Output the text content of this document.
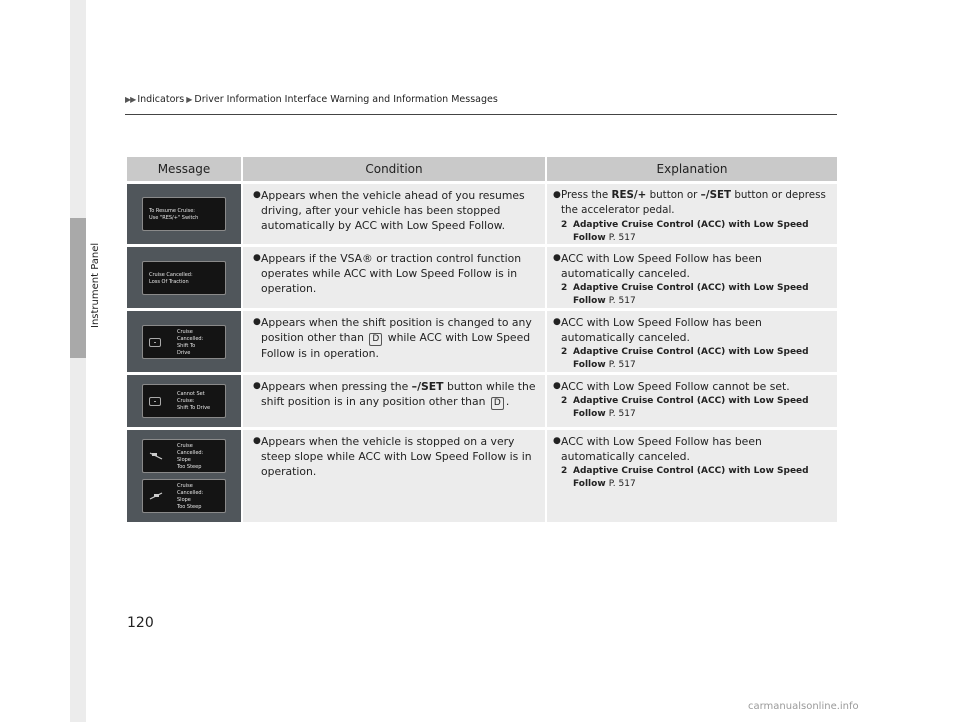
Instrument Panel
▶▶ Indicators ▶ Driver Information Interface Warning and Information Messages
Message	Condition	Explanation
To Resume Cruise:
Use "RES/+" Switch
● Appears when the vehicle ahead of you resumes driving, after your vehicle has been stopped automatically by ACC with Low Speed Follow.
● Press the RES/+ button or –/SET button or depress the accelerator pedal.
2 Adaptive Cruise Control (ACC) with Low Speed Follow P. 517
Cruise Cancelled:
Loss Of Traction
● Appears if the VSA® or traction control function operates while ACC with Low Speed Follow is in operation.
● ACC with Low Speed Follow has been automatically canceled.
2 Adaptive Cruise Control (ACC) with Low Speed Follow P. 517
Cruise
Cancelled:
Shift To
Drive
● Appears when the shift position is changed to any position other than D while ACC with Low Speed Follow is in operation.
● ACC with Low Speed Follow has been automatically canceled.
2 Adaptive Cruise Control (ACC) with Low Speed Follow P. 517
Cannot Set
Cruise:
Shift To Drive
● Appears when pressing the –/SET button while the shift position is in any position other than D .
● ACC with Low Speed Follow cannot be set.
2 Adaptive Cruise Control (ACC) with Low Speed Follow P. 517
Cruise
Cancelled:
Slope
Too Steep
Cruise
Cancelled:
Slope
Too Steep
● Appears when the vehicle is stopped on a very steep slope while ACC with Low Speed Follow is in operation.
● ACC with Low Speed Follow has been automatically canceled.
2 Adaptive Cruise Control (ACC) with Low Speed Follow P. 517
120
carmanualsonline.info
